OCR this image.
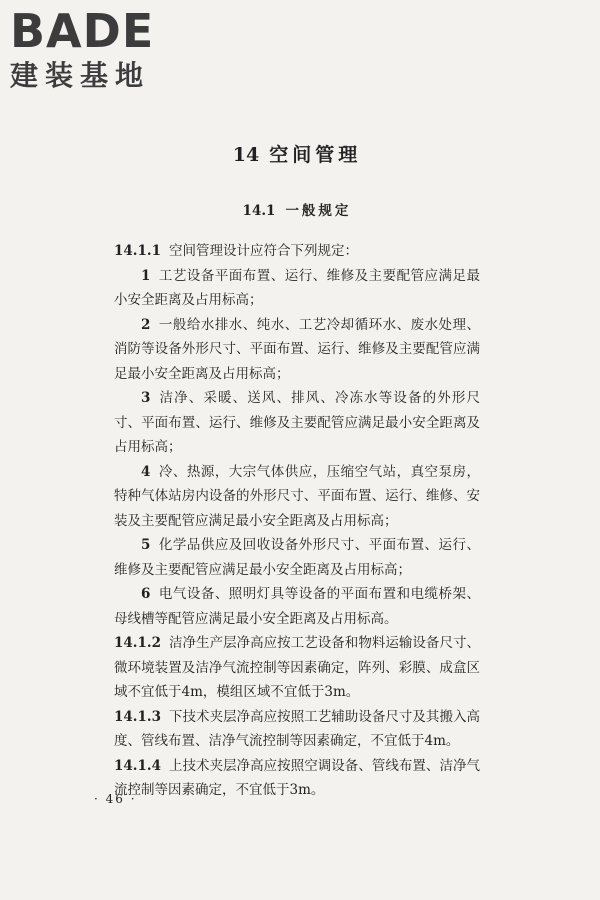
BADE
建装基地
14 空间管理
14.1 一般规定

14.1.1 空间管理设计应符合下列规定：

1 工艺设备平面布置、运行、维修及主要配管应满足最小安全距离及占用标高；

2 一般给水排水、纯水、工艺冷却循环水、废水处理、消防等设备外形尺寸、平面布置、运行、维修及主要配管应满足最小安全距离及占用标高；

3 洁净、采暖、送风、排风、冷冻水等设备的外形尺寸、平面布置、运行、维修及主要配管应满足最小安全距离及占用标高；

4 冷、热源，大宗气体供应，压缩空气站，真空泵房，特种气体站房内设备的外形尺寸、平面布置、运行、维修、安装及主要配管应满足最小安全距离及占用标高；

5 化学品供应及回收设备外形尺寸、平面布置、运行、维修及主要配管应满足最小安全距离及占用标高；

6 电气设备、照明灯具等设备的平面布置和电缆桥架、母线槽等配管应满足最小安全距离及占用标高。

14.1.2 洁净生产层净高应按工艺设备和物料运输设备尺寸、微环境装置及洁净气流控制等因素确定，阵列、彩膜、成盒区域不宜低于4m，模组区域不宜低于3m。

14.1.3 下技术夹层净高应按照工艺辅助设备尺寸及其搬入高度、管线布置、洁净气流控制等因素确定，不宜低于4m。

14.1.4 上技术夹层净高应按照空调设备、管线布置、洁净气流控制等因素确定，不宜低于3m。

· 46 ·
